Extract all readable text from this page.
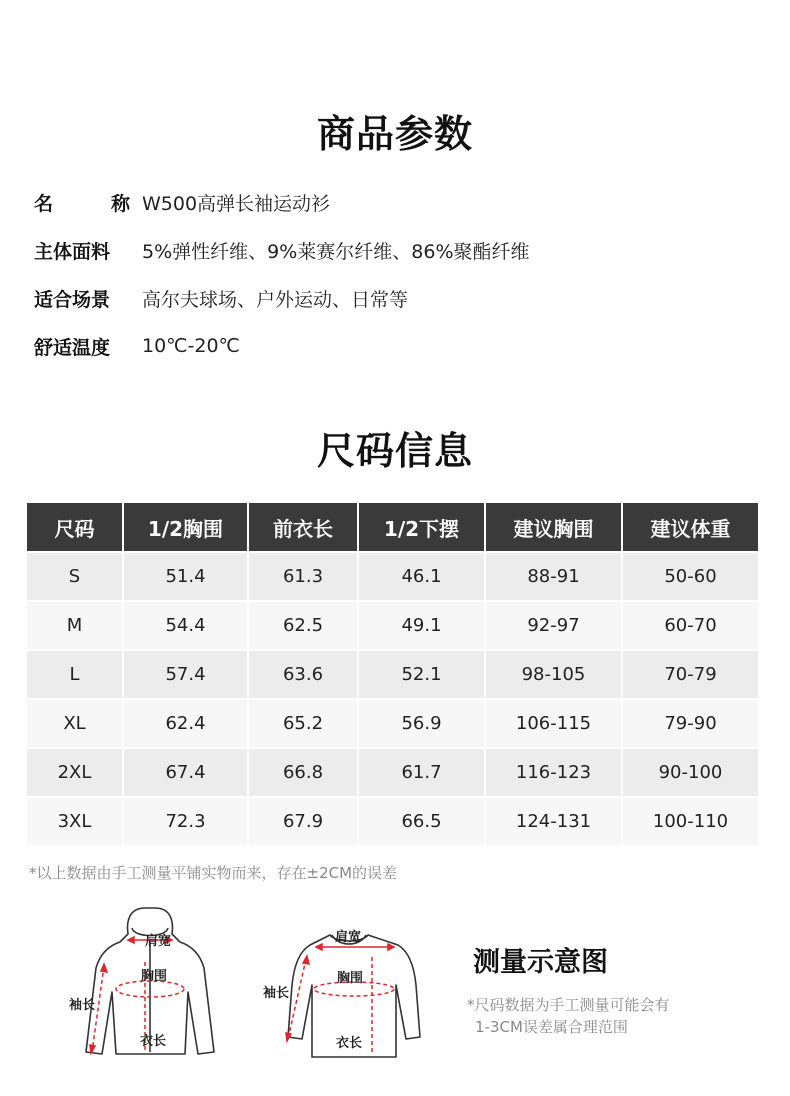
商品参数
名	称 W500高弹长袖运动衫
主体面料 5%弹性纤维、9%莱赛尔纤维、86%聚酯纤维
适合场景 高尔夫球场、户外运动、日常等
舒适温度 10℃-20℃
尺码信息
尺码	1/2胸围	前衣长	1/2下摆	建议胸围	建议体重
S	51.4	61.3	46.1	88-91	50-60
M	54.4	62.5	49.1	92-97	60-70
L	57.4	63.6	52.1	98-105	70-79
XL	62.4	65.2	56.9	106-115	79-90
2XL	67.4	66.8	61.7	116-123	90-100
3XL	72.3	67.9	66.5	124-131	100-110
*以上数据由手工测量平铺实物而来，存在±2CM的误差
肩宽
胸围
袖长
衣长
肩宽
胸围
袖长
衣长
测量示意图
*尺码数据为手工测量可能会有
1-3CM误差属合理范围
